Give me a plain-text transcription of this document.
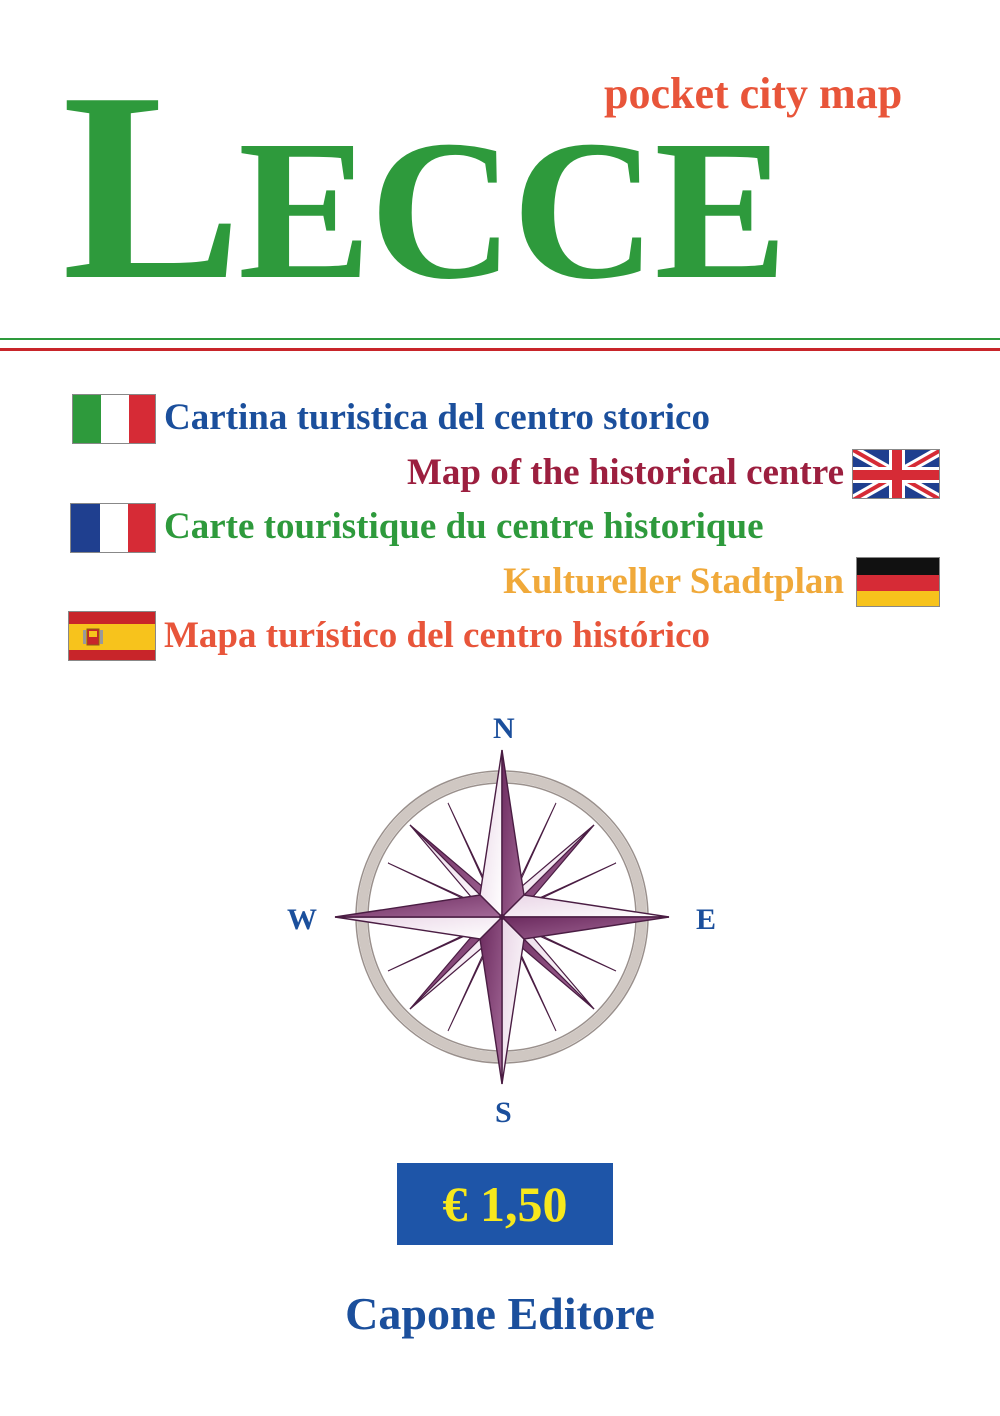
pocket city map
LECCE
Cartina turistica del centro storico
Map of the historical centre
Carte touristique du centre historique
Kultureller Stadtplan
Mapa turístico del centro histórico
N
S
W	E
€ 1,50
Capone Editore
